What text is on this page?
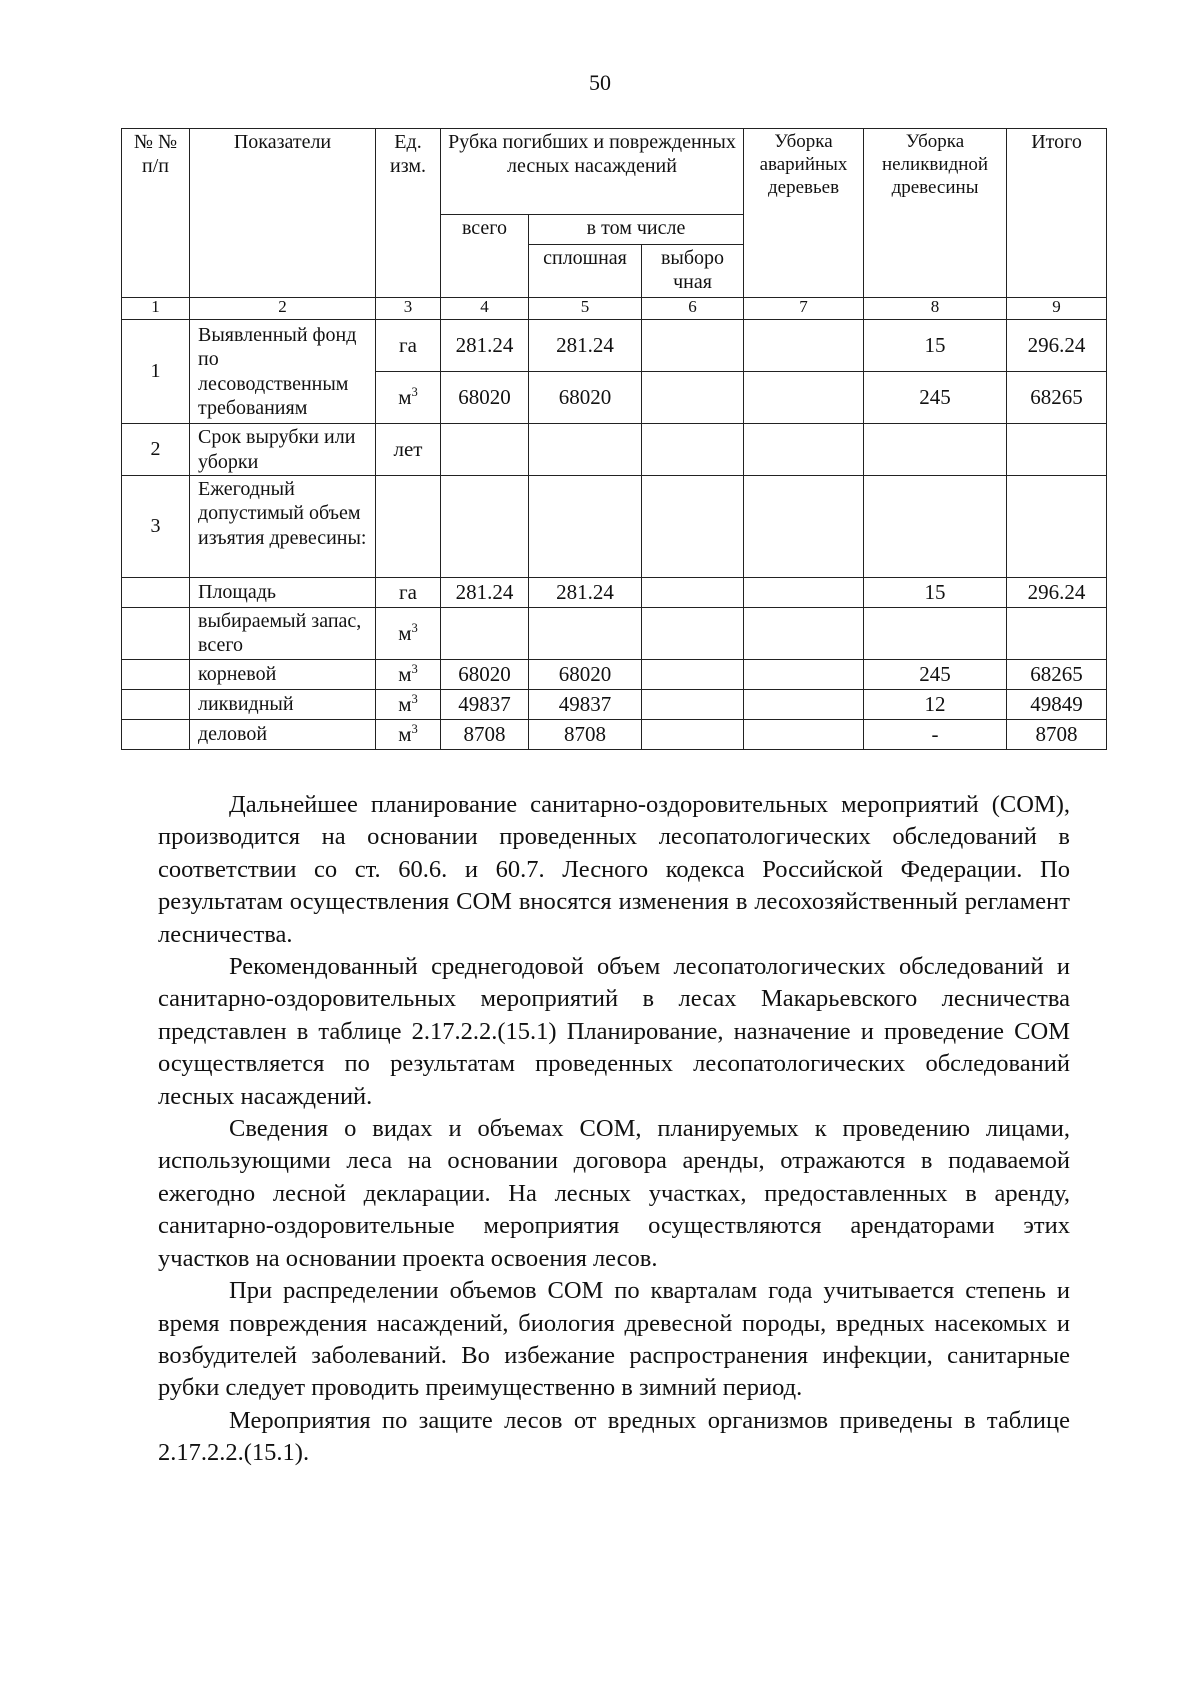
50
№ № п/п	Показатели	Ед. изм.	Рубка погибших и поврежденных лесных насаждений			Уборка аварийных деревьев	Уборка неликвидной древесины	Итого
			всего	в том числе				
				сплошная	выборо чная			
1	2	3	4	5	6	7	8	9
1	Выявленный фонд по лесоводственным требованиям	га	281.24	281.24			15	296.24
		$м^3$	68020	68020			245	68265
2	Срок вырубки или уборки	лет						
3	Ежегодный допустимый объем изъятия древесины:							
	Площадь	га	281.24	281.24			15	296.24
	выбираемый запас, всего	$м^3$						
	корневой	$м^3$	68020	68020			245	68265
	ликвидный	$м^3$	49837	49837			12	49849
	деловой	$м^3$	8708	8708			-	8708

Дальнейшее планирование санитарно-оздоровительных мероприятий (СОМ), производится на основании проведенных лесопатологических обследований в соответствии со ст. 60.6. и 60.7. Лесного кодекса Российской Федерации. По результатам осуществления СОМ вносятся изменения в лесохозяйственный регламент лесничества.

Рекомендованный среднегодовой объем лесопатологических обследований и санитарно-оздоровительных мероприятий в лесах Макарьевского лесничества представлен в таблице 2.17.2.2.(15.1) Планирование, назначение и проведение СОМ осуществляется по результатам проведенных лесопатологических обследований лесных насаждений.

Сведения о видах и объемах СОМ, планируемых к проведению лицами, использующими леса на основании договора аренды, отражаются в подаваемой ежегодно лесной декларации. На лесных участках, предоставленных в аренду, санитарно-оздоровительные мероприятия осуществляются арендаторами этих участков на основании проекта освоения лесов.

При распределении объемов СОМ по кварталам года учитывается степень и время повреждения насаждений, биология древесной породы, вредных насекомых и возбудителей заболеваний. Во избежание распространения инфекции, санитарные рубки следует проводить преимущественно в зимний период.

Мероприятия по защите лесов от вредных организмов приведены в таблице 2.17.2.2.(15.1).
